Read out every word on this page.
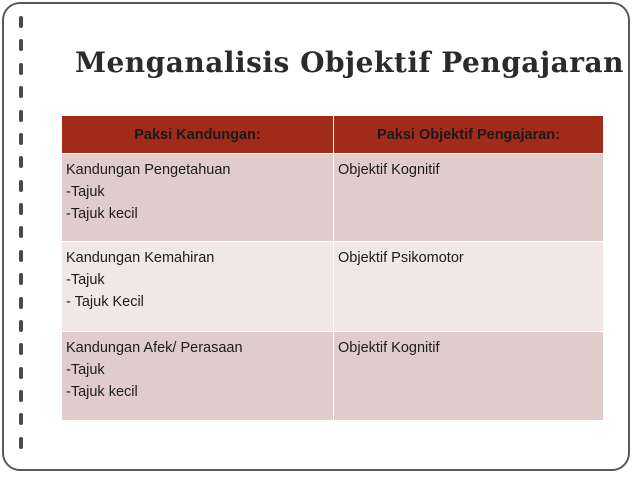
Menganalisis Objektif Pengajaran
Paksi Kandungan:	Paksi Objektif Pengajaran:

Kandungan Pengetahuan
-Tajuk
-Tajuk kecil	Objektif Kognitif

Kandungan Kemahiran
-Tajuk
- Tajuk Kecil	Objektif Psikomotor

Kandungan Afek/ Perasaan
-Tajuk
-Tajuk kecil	Objektif Kognitif
